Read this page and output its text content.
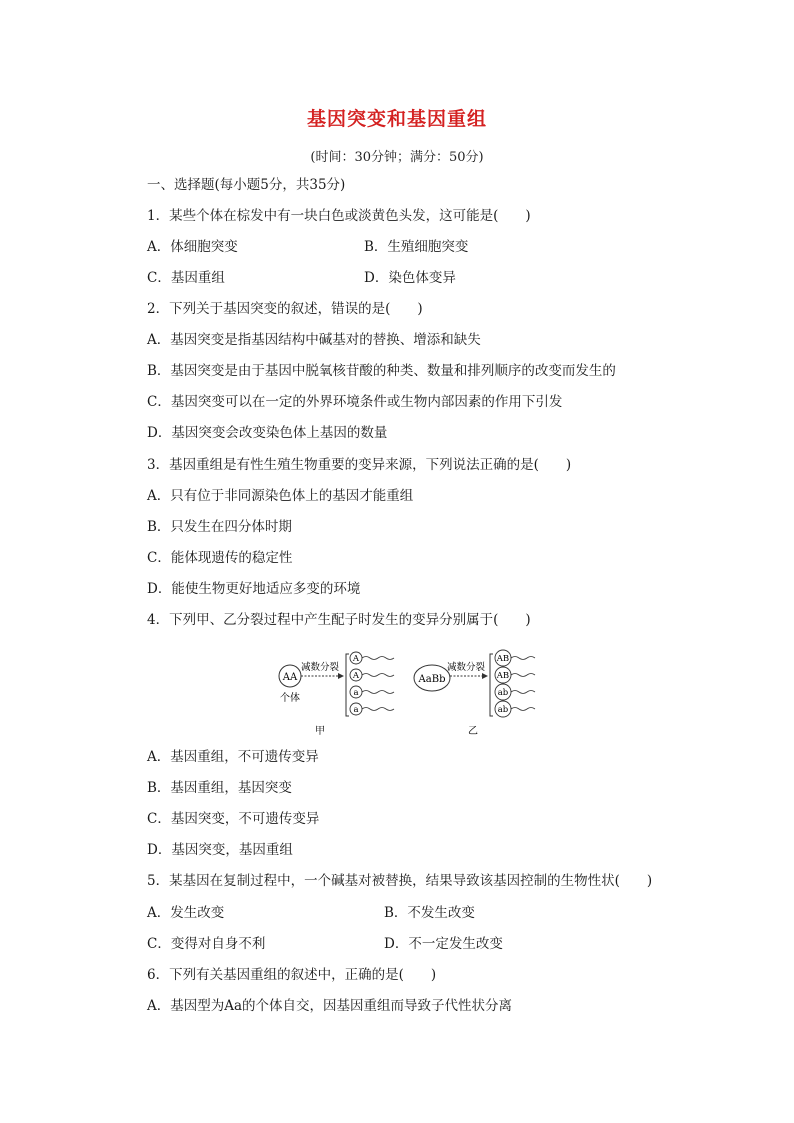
基因突变和基因重组
(时间：30分钟；满分：50分)
一、选择题(每小题5分，共35分)
1．某些个体在棕发中有一块白色或淡黄色头发，这可能是(　　)
A．体细胞突变	B．生殖细胞突变
C．基因重组	D．染色体变异
2．下列关于基因突变的叙述，错误的是(　　)
A．基因突变是指基因结构中碱基对的替换、增添和缺失
B．基因突变是由于基因中脱氧核苷酸的种类、数量和排列顺序的改变而发生的
C．基因突变可以在一定的外界环境条件或生物内部因素的作用下引发
D．基因突变会改变染色体上基因的数量
3．基因重组是有性生殖生物重要的变异来源，下列说法正确的是(　　)
A．只有位于非同源染色体上的基因才能重组
B．只发生在四分体时期
C．能体现遗传的稳定性
D．能使生物更好地适应多变的环境
4．下列甲、乙分裂过程中产生配子时发生的变异分别属于(　　)
AA
个体
减数分裂
A
A
a
a
甲
AaBb
减数分裂
AB
AB
ab
ab
乙
A．基因重组，不可遗传变异
B．基因重组，基因突变
C．基因突变，不可遗传变异
D．基因突变，基因重组
5．某基因在复制过程中，一个碱基对被替换，结果导致该基因控制的生物性状(　　)
A．发生改变	B．不发生改变
C．变得对自身不利	D．不一定发生改变
6．下列有关基因重组的叙述中，正确的是(　　)
A．基因型为Aa的个体自交，因基因重组而导致子代性状分离
